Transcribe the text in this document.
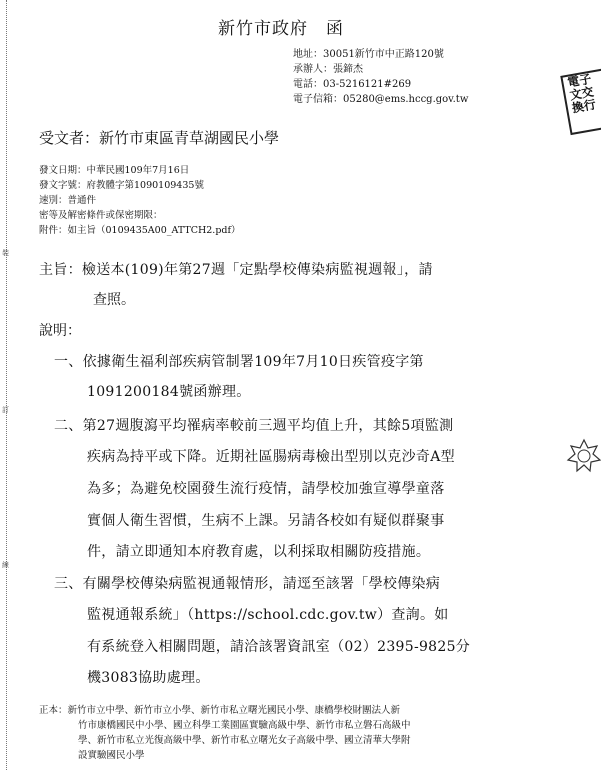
裝
訂
線
新竹市政府　函
地址：30051新竹市中正路120號
承辦人：張鍗杰
電話：03-5216121#269
電子信箱：05280@ems.hccg.gov.tw
電子
文交
換行
受文者：新竹市東區青草湖國民小學
發文日期：中華民國109年7月16日
發文字號：府教體字第1090109435號
速別：普通件
密等及解密條件或保密期限：
附件：如主旨（0109435A00_ATTCH2.pdf）
主旨：檢送本(109)年第27週「定點學校傳染病監視週報」，請
查照。
說明：
一、依據衛生福利部疾病管制署109年7月10日疾管疫字第
1091200184號函辦理。
二、第27週腹瀉平均罹病率較前三週平均值上升，其餘5項監測
疾病為持平或下降。近期社區腸病毒檢出型別以克沙奇A型
為多；為避免校園發生流行疫情，請學校加強宣導學童落
實個人衛生習慣，生病不上課。另請各校如有疑似群聚事
件，請立即通知本府教育處，以利採取相關防疫措施。
三、有關學校傳染病監視通報情形，請逕至該署「學校傳染病
監視通報系統」（https://school.cdc.gov.tw）查詢。如
有系統登入相關問題，請洽該署資訊室（02）2395-9825分
機3083協助處理。
正本：新竹市立中學、新竹市立小學、新竹市私立曙光國民小學、康橋學校財團法人新
竹市康橋國民中小學、國立科學工業園區實驗高級中學、新竹市私立磐石高級中
學、新竹市私立光復高級中學、新竹市私立曙光女子高級中學、國立清華大學附
設實驗國民小學
